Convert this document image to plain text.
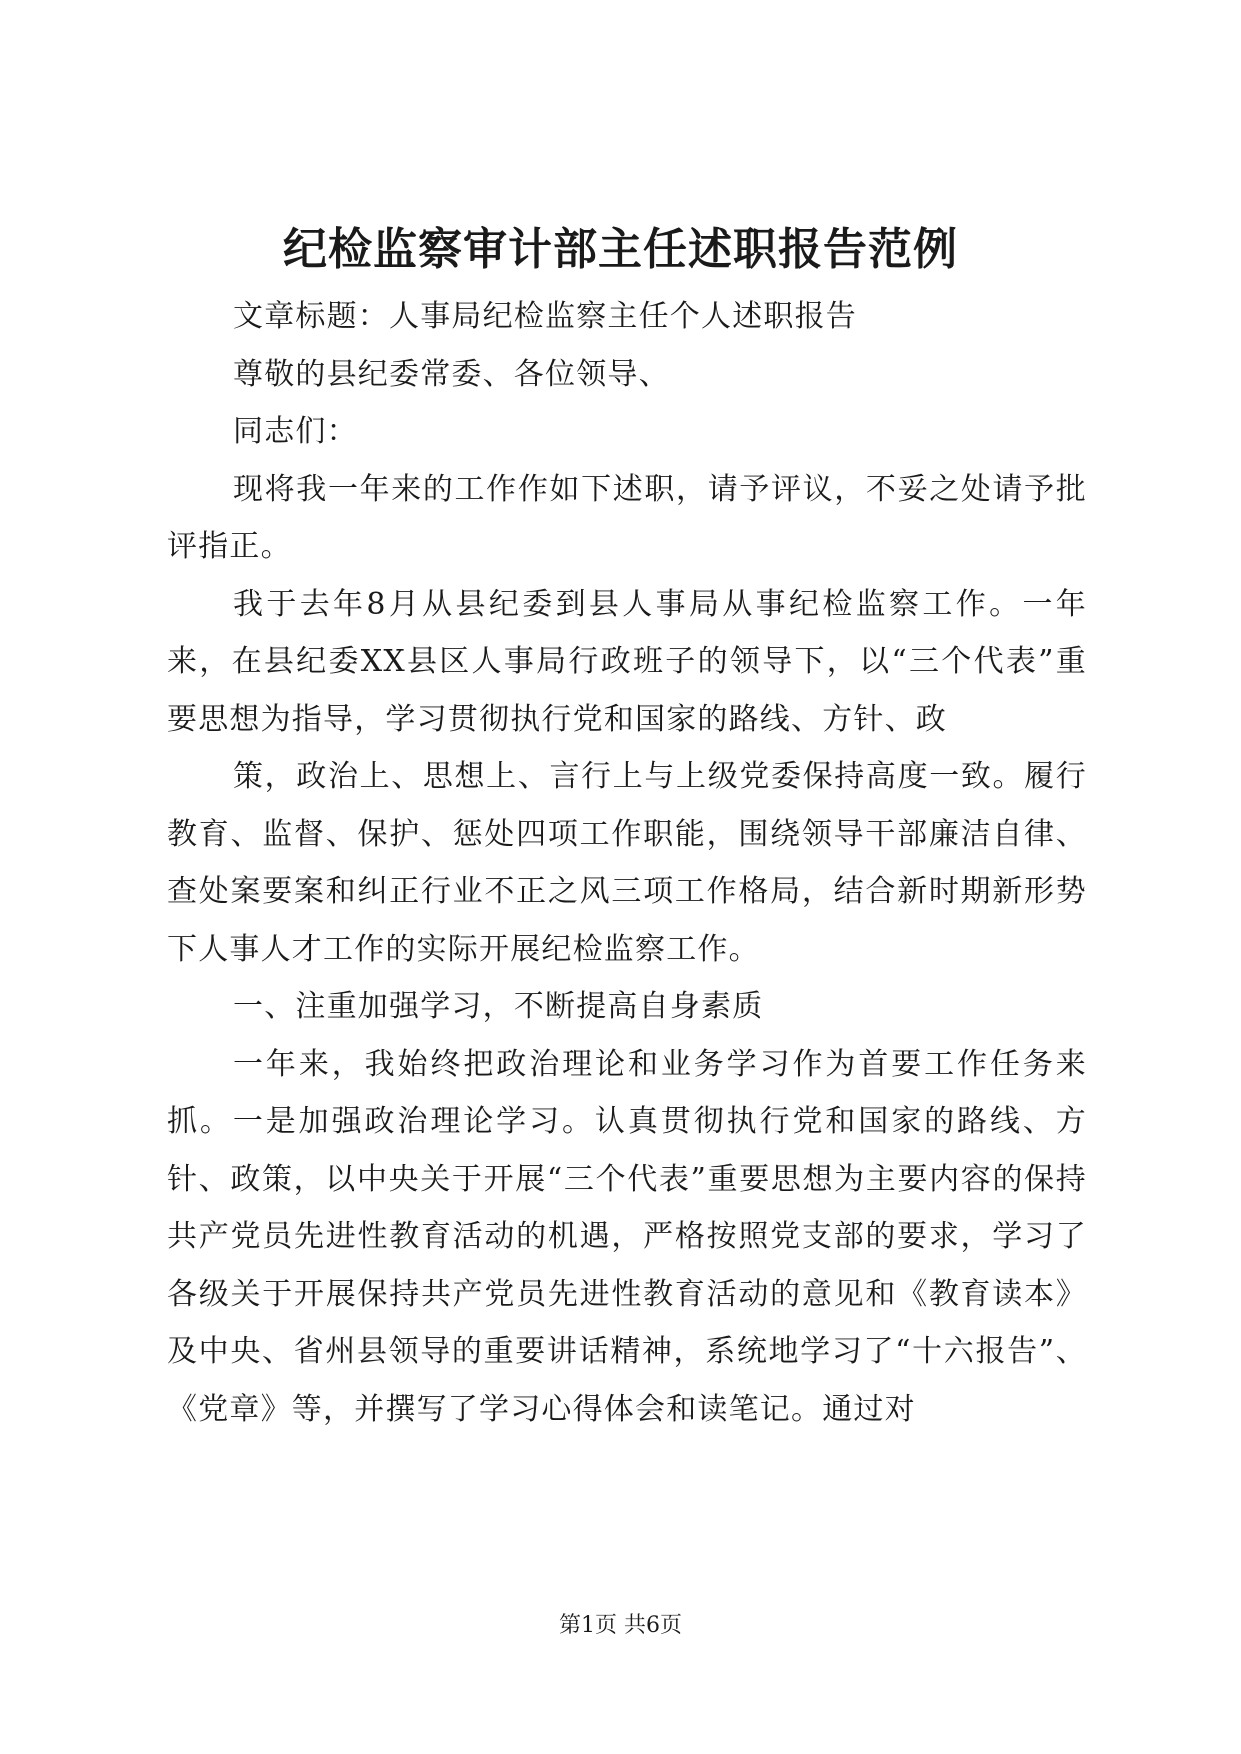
纪检监察审计部主任述职报告范例

文章标题：人事局纪检监察主任个人述职报告

尊敬的县纪委常委、各位领导、

同志们：

现将我一年来的工作作如下述职，请予评议，不妥之处请予批评指正。

我于去年8月从县纪委到县人事局从事纪检监察工作。一年来，在县纪委XX县区人事局行政班子的领导下，以“三个代表”重要思想为指导，学习贯彻执行党和国家的路线、方针、政

策，政治上、思想上、言行上与上级党委保持高度一致。履行教育、监督、保护、惩处四项工作职能，围绕领导干部廉洁自律、查处案要案和纠正行业不正之风三项工作格局，结合新时期新形势下人事人才工作的实际开展纪检监察工作。

一、注重加强学习，不断提高自身素质

一年来，我始终把政治理论和业务学习作为首要工作任务来抓。一是加强政治理论学习。认真贯彻执行党和国家的路线、方针、政策，以中央关于开展“三个代表”重要思想为主要内容的保持共产党员先进性教育活动的机遇，严格按照党支部的要求，学习了各级关于开展保持共产党员先进性教育活动的意见和《教育读本》及中央、省州县领导的重要讲话精神，系统地学习了“十六报告”、《党章》等，并撰写了学习心得体会和读笔记。通过对

第1页 共6页
